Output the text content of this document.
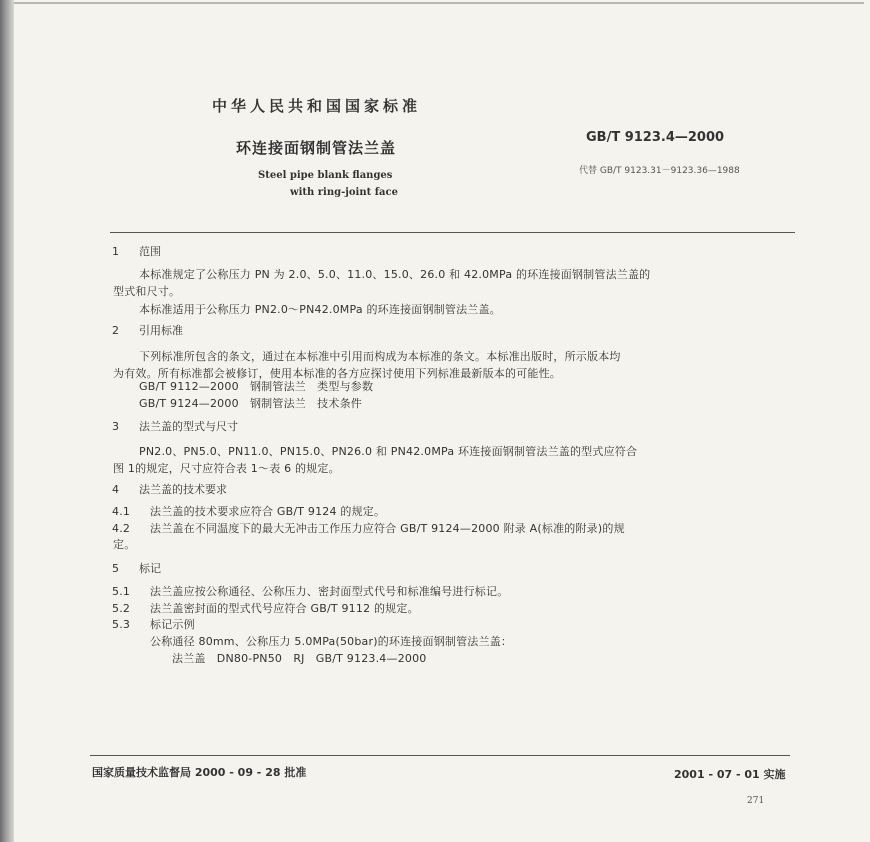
中华人民共和国国家标准
GB/T 9123.4—2000
环连接面钢制管法兰盖
代替 GB/T 9123.31－9123.36—1988
Steel pipe blank flanges
with ring-joint face
1 范围
本标准规定了公称压力 PN 为 2.0、5.0、11.0、15.0、26.0 和 42.0MPa 的环连接面钢制管法兰盖的
型式和尺寸。
本标准适用于公称压力 PN2.0～PN42.0MPa 的环连接面钢制管法兰盖。
2 引用标准
下列标准所包含的条文，通过在本标准中引用而构成为本标准的条文。本标准出版时，所示版本均
为有效。所有标准都会被修订，使用本标准的各方应探讨使用下列标准最新版本的可能性。
GB/T 9112—2000　钢制管法兰　类型与参数
GB/T 9124—2000　钢制管法兰　技术条件
3 法兰盖的型式与尺寸
PN2.0、PN5.0、PN11.0、PN15.0、PN26.0 和 PN42.0MPa 环连接面钢制管法兰盖的型式应符合
图 1的规定，尺寸应符合表 1～表 6 的规定。
4 法兰盖的技术要求
4.1 法兰盖的技术要求应符合 GB/T 9124 的规定。
4.2 法兰盖在不同温度下的最大无冲击工作压力应符合 GB/T 9124—2000 附录 A(标准的附录)的规
定。
5 标记
5.1 法兰盖应按公称通径、公称压力、密封面型式代号和标准编号进行标记。
5.2 法兰盖密封面的型式代号应符合 GB/T 9112 的规定。
5.3 标记示例
公称通径 80mm、公称压力 5.0MPa(50bar)的环连接面钢制管法兰盖：
法兰盖　DN80-PN50　RJ　GB/T 9123.4—2000
国家质量技术监督局 2000 - 09 - 28 批准	2001 - 07 - 01 实施
271
